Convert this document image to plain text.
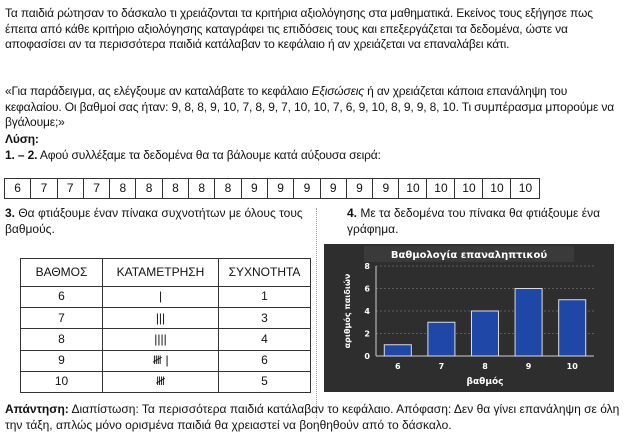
Τα παιδιά ρώτησαν το δάσκαλο τι χρειάζονται τα κριτήρια αξιολόγησης στα μαθηματικά. Εκείνος τους εξήγησε πως έπειτα από κάθε κριτήριο αξιολόγησης καταγράφει τις επιδόσεις τους και επεξεργάζεται τα δεδομένα, ώστε να αποφασίσει αν τα περισσότερα παιδιά κατάλαβαν το κεφάλαιο ή αν χρειάζεται να επαναλάβει κάτι.
«Για παράδειγμα, ας ελέγξουμε αν καταλάβατε το κεφάλαιο Εξισώσεις ή αν χρειάζεται κάποια επανάληψη του κεφαλαίου. Οι βαθμοί σας ήταν: 9, 8, 8, 9, 10, 7, 8, 9, 7, 10, 10, 7, 6, 9, 10, 8, 9, 9, 8, 10. Τι συμπέρασμα μπορούμε να βγάλουμε;»
Λύση:
1. – 2. Αφού συλλέξαμε τα δεδομένα θα τα βάλουμε κατά αύξουσα σειρά:
6	7	7	7	8	8	8	8	8	9	9	9	9	9	9	10	10	10	10	10
3. Θα φτιάξουμε έναν πίνακα συχνοτήτων με όλους τους βαθμούς.
4. Με τα δεδομένα του πίνακα θα φτιάξουμε ένα γράφημα.
ΒΑΘΜΟΣ	ΚΑΤΑΜΕΤΡΗΣΗ	ΣΥΧΝΟΤΗΤΑ
6	|	1
7	|||	3
8	||||	4
9	𝍸 |	6
10	𝍸	5
Βαθμολογία επαναληπτικού
0
2
4
6
8
6	7	8	9	10
βαθμός
αριθμός παιδιών
Απάντηση: Διαπίστωση: Τα περισσότερα παιδιά κατάλαβαν το κεφάλαιο. Απόφαση: Δεν θα γίνει επανάληψη σε όλη την τάξη, απλώς μόνο ορισμένα παιδιά θα χρειαστεί να βοηθηθούν από το δάσκαλο.
